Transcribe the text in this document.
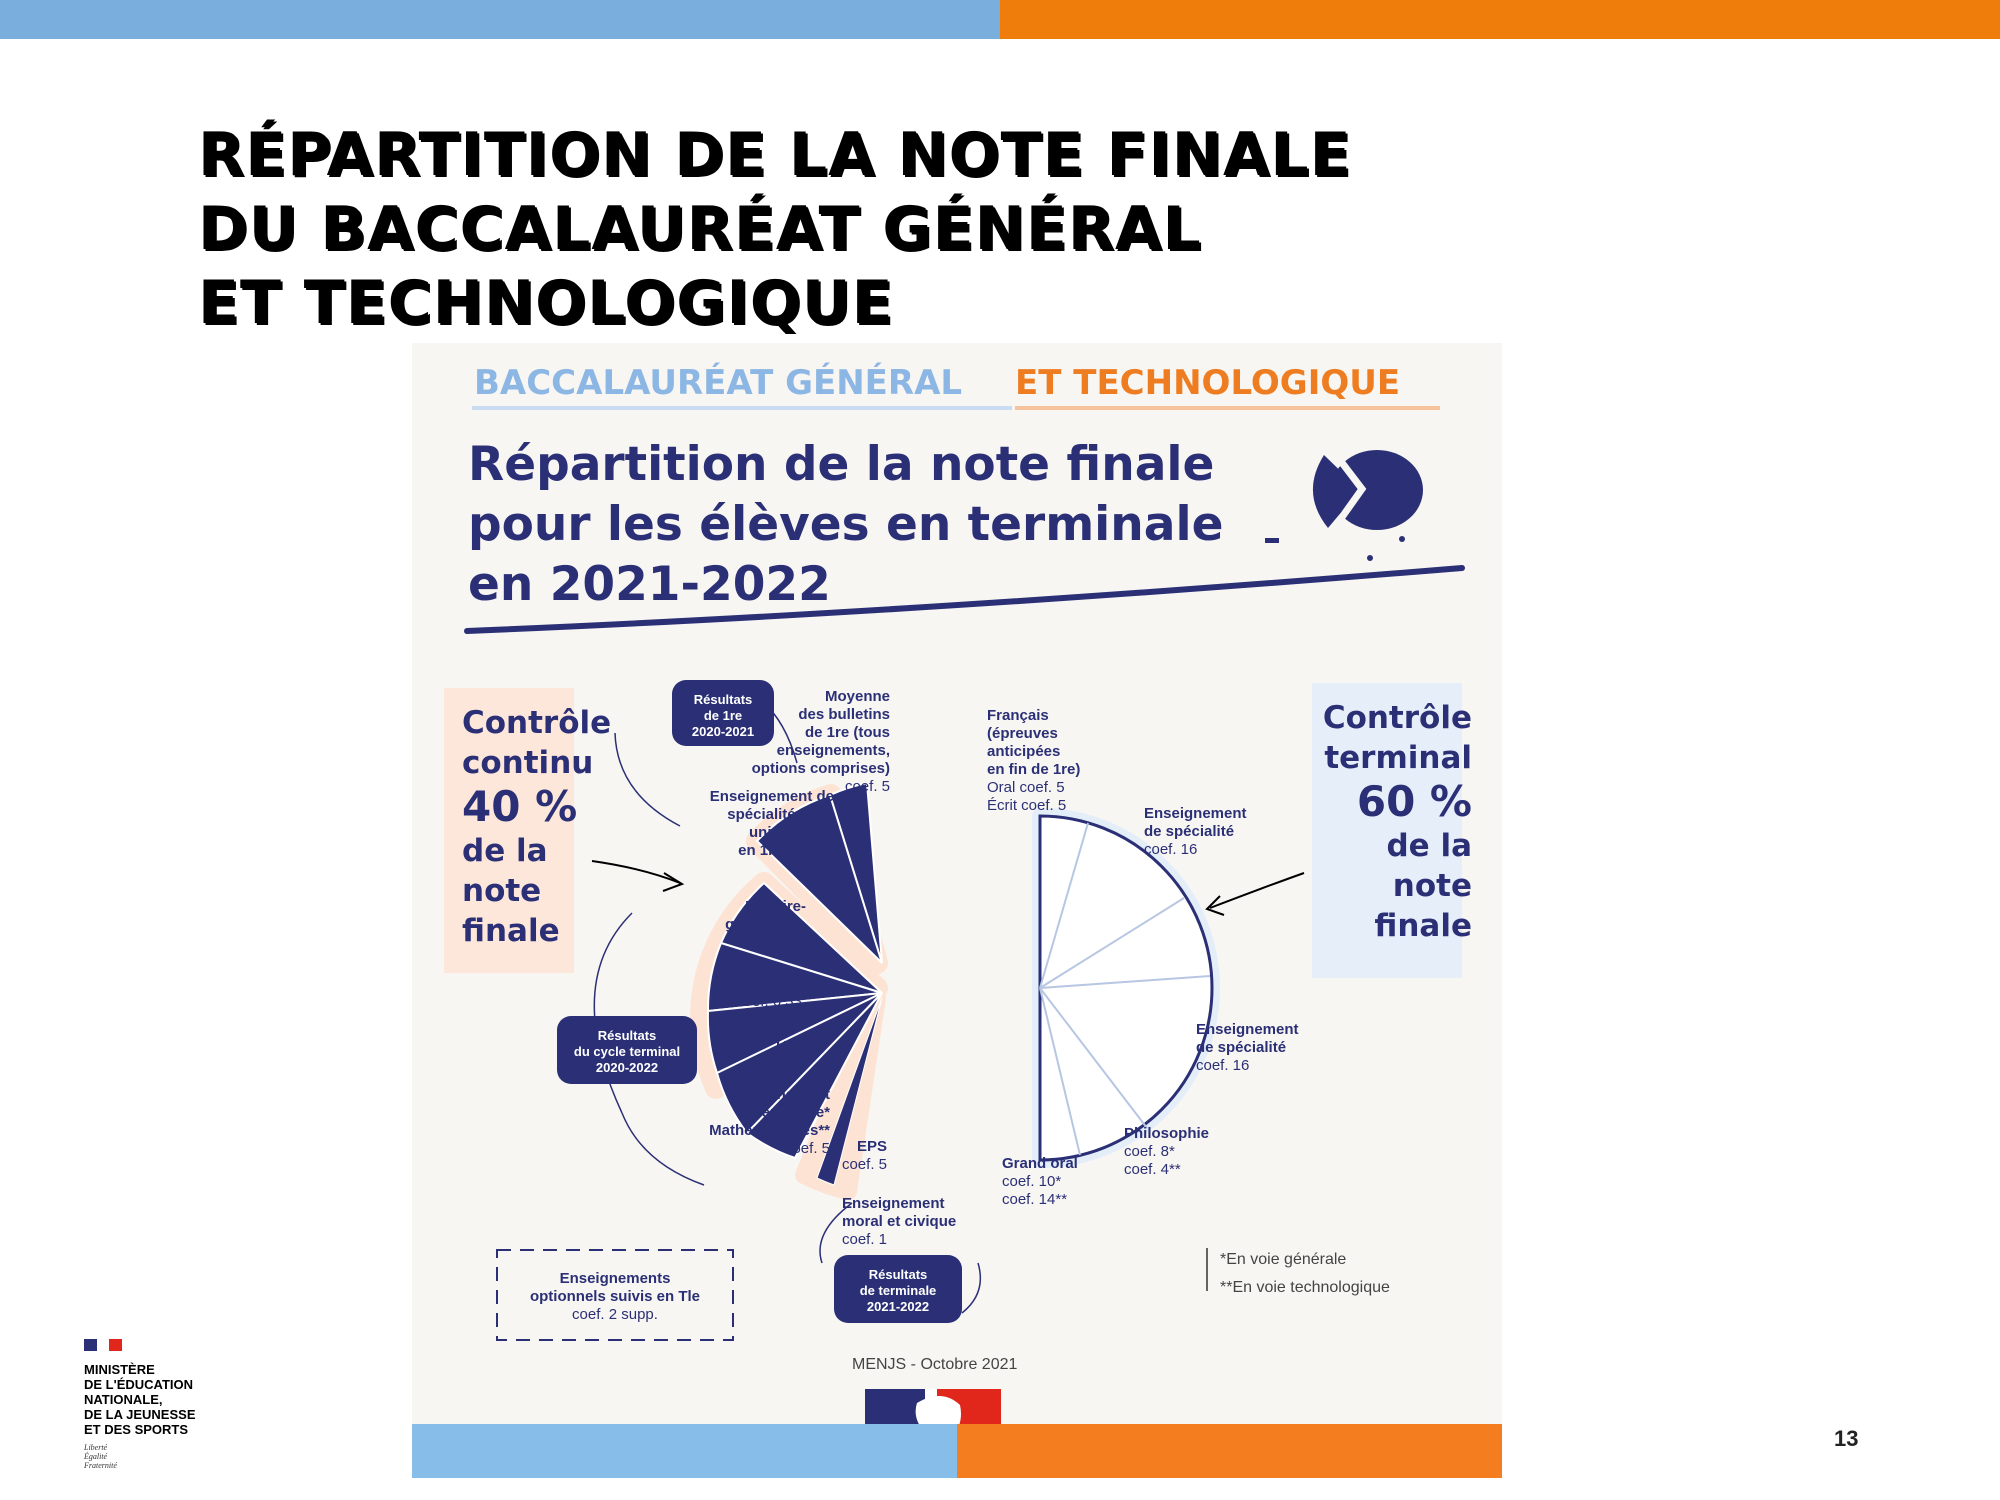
RÉPARTITION DE LA NOTE FINALE
DU BACCALAURÉAT GÉNÉRAL
ET TECHNOLOGIQUE
BACCALAURÉAT GÉNÉRAL ET TECHNOLOGIQUE
Répartition de la note finale
pour les élèves en terminale
en 2021-2022
Contrôle
continu
40 %
de la
note
finale
Contrôle
terminal
60 %
de la
note
finale
Résultats
de 1re
2020-2021
Résultats
du cycle terminal
2020-2022
Résultats
de terminale
2021-2022
Moyenne
des bulletins
de 1re (tous
enseignements,
options comprises)
coef. 5
Enseignement de
spécialité suivi
uniquement
en 1re coef. 5
Histoire-
géographie
coef. 6,33
LV A
coef. 6,33
LV B
coef. 6,33
Enseignement
scientifique*
Mathématiques**
coef. 5	EPS
coef. 5
Enseignement
moral et civique
coef. 1
Français
(épreuves
anticipées
en fin de 1re)
Oral coef. 5
Écrit coef. 5	Enseignement
de spécialité
coef. 16
Enseignement
de spécialité
coef. 16
Philosophie
coef. 8*
coef. 4**
Grand oral
coef. 10*
coef. 14**
Enseignements
optionnels suivis en Tle
coef. 2 supp.
*En voie générale
**En voie technologique
MENJS - Octobre 2021
MINISTÈRE
DE L'ÉDUCATION
NATIONALE,
DE LA JEUNESSE
ET DES SPORTS
Liberté
Égalité
Fraternité
13
